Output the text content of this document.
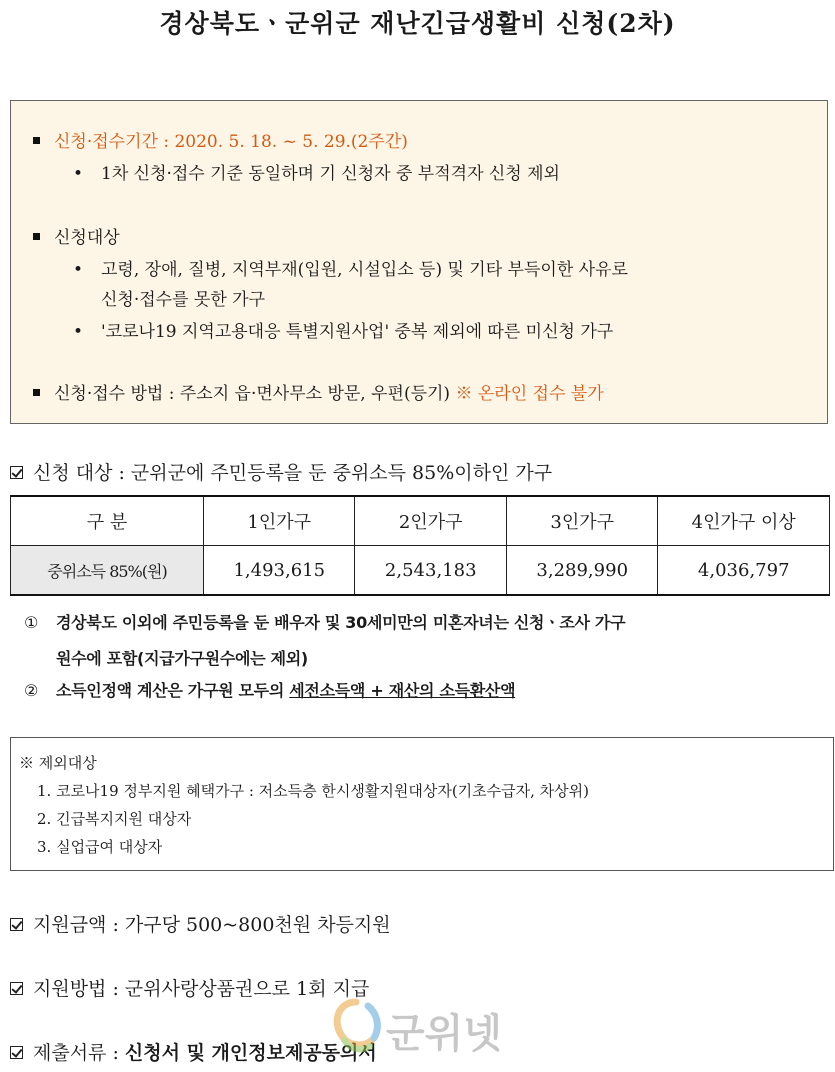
경상북도ㆍ군위군 재난긴급생활비 신청(2차)
신청·접수기간 : 2020. 5. 18. ~ 5. 29.(2주간)
• 1차 신청·접수 기준 동일하며 기 신청자 중 부적격자 신청 제외
신청대상
• 고령, 장애, 질병, 지역부재(입원, 시설입소 등) 및 기타 부득이한 사유로
신청·접수를 못한 가구
• '코로나19 지역고용대응 특별지원사업' 중복 제외에 따른 미신청 가구
신청·접수 방법 : 주소지 읍·면사무소 방문, 우편(등기) ※ 온라인 접수 불가
신청 대상 : 군위군에 주민등록을 둔 중위소득 85%이하인 가구
구 분	1인가구	2인가구	3인가구	4인가구 이상
중위소득 85%(원)	1,493,615	2,543,183	3,289,990	4,036,797
① 경상북도 이외에 주민등록을 둔 배우자 및 30세미만의 미혼자녀는 신청ㆍ조사 가구
원수에 포함(지급가구원수에는 제외)
② 소득인정액 계산은 가구원 모두의 세전소득액 + 재산의 소득환산액
※ 제외대상
1. 코로나19 정부지원 혜택가구 : 저소득층 한시생활지원대상자(기초수급자, 차상위)
2. 긴급복지지원 대상자
3. 실업급여 대상자
지원금액 : 가구당 500~800천원 차등지원
지원방법 : 군위사랑상품권으로 1회 지급
제출서류 : 신청서 및 개인정보제공동의서 군위넷
